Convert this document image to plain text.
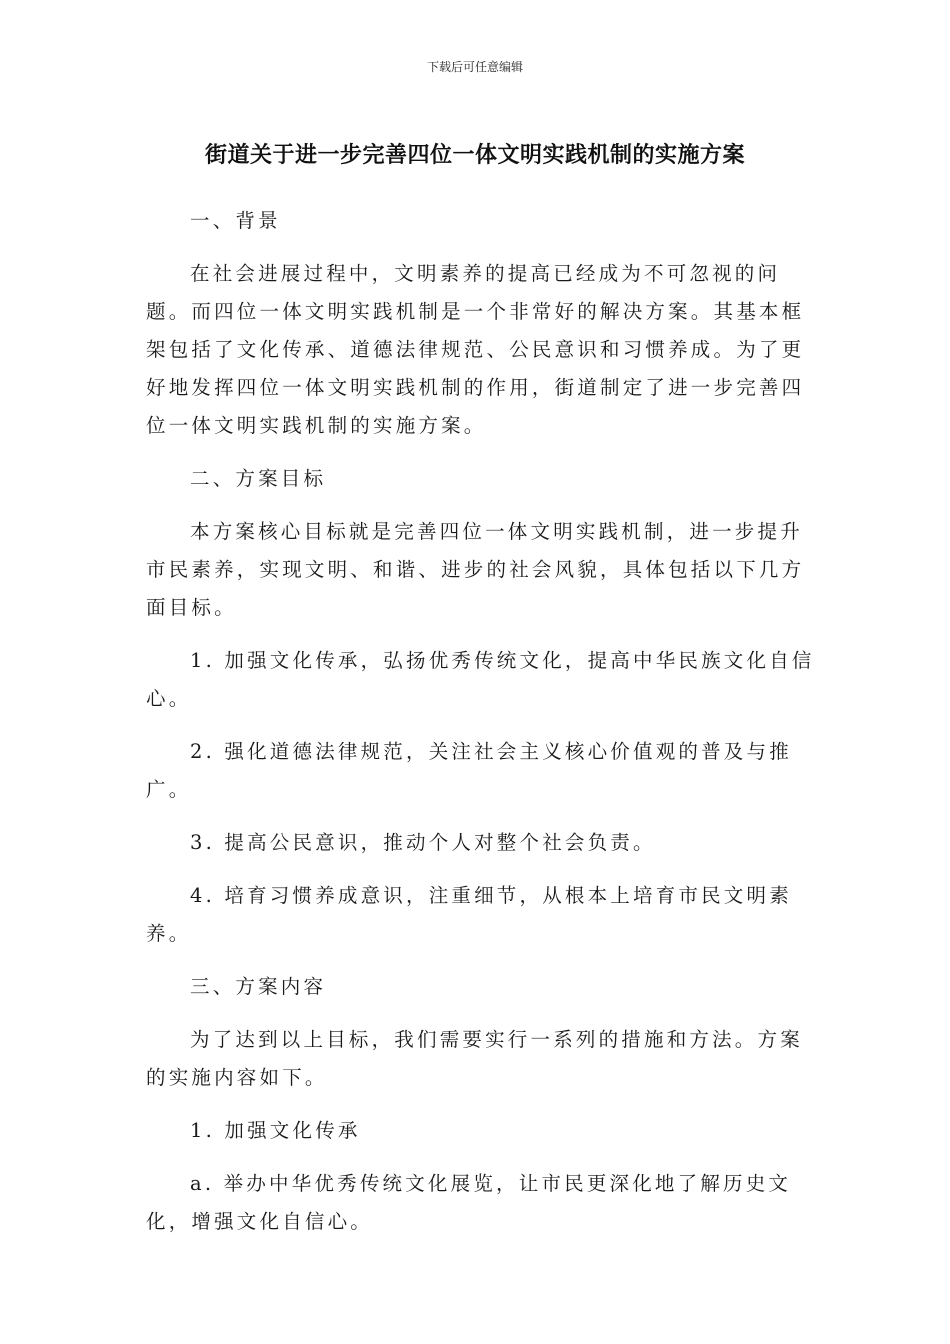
下载后可任意编辑
街道关于进一步完善四位一体文明实践机制的实施方案

一、背景

在社会进展过程中，文明素养的提高已经成为不可忽视的问题。而四位一体文明实践机制是一个非常好的解决方案。其基本框架包括了文化传承、道德法律规范、公民意识和习惯养成。为了更好地发挥四位一体文明实践机制的作用，街道制定了进一步完善四位一体文明实践机制的实施方案。

二、方案目标

本方案核心目标就是完善四位一体文明实践机制，进一步提升市民素养，实现文明、和谐、进步的社会风貌，具体包括以下几方面目标。

1. 加强文化传承，弘扬优秀传统文化，提高中华民族文化自信心。

2. 强化道德法律规范，关注社会主义核心价值观的普及与推广。

3. 提高公民意识，推动个人对整个社会负责。

4. 培育习惯养成意识，注重细节，从根本上培育市民文明素养。

三、方案内容

为了达到以上目标，我们需要实行一系列的措施和方法。方案的实施内容如下。

1. 加强文化传承

a. 举办中华优秀传统文化展览，让市民更深化地了解历史文化，增强文化自信心。
